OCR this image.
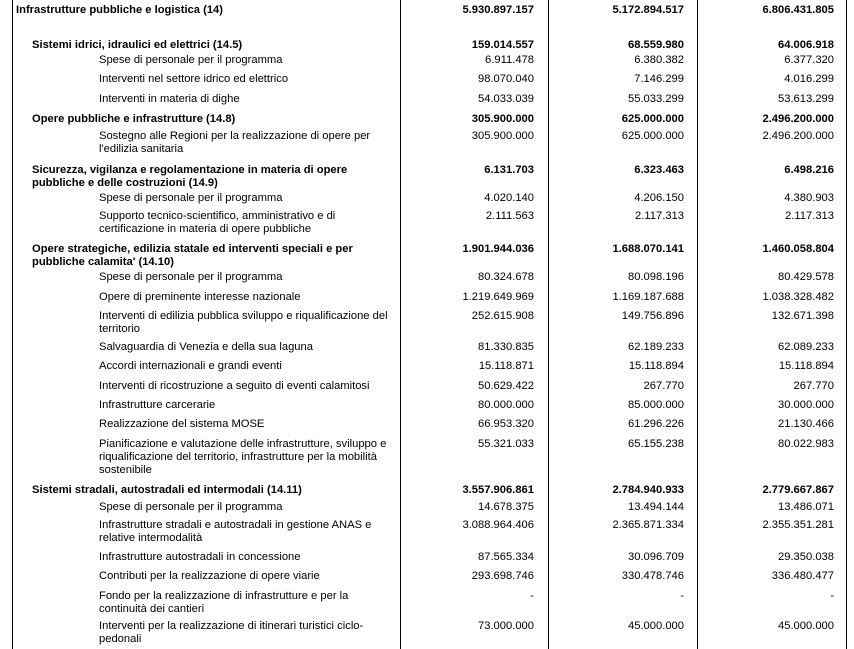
Infrastrutture pubbliche e logistica (14)	5.930.897.157	5.172.894.517	6.806.431.805
Sistemi idrici, idraulici ed elettrici (14.5)	159.014.557	68.559.980	64.006.918
Spese di personale per il programma	6.911.478	6.380.382	6.377.320
Interventi nel settore idrico ed elettrico	98.070.040	7.146.299	4.016.299
Interventi in materia di dighe	54.033.039	55.033.299	53.613.299
Opere pubbliche e infrastrutture (14.8)	305.900.000	625.000.000	2.496.200.000
Sostegno alle Regioni per la realizzazione di opere per l'edilizia sanitaria
305.900.000	625.000.000	2.496.200.000
Sicurezza, vigilanza e regolamentazione in materia di opere pubbliche e delle costruzioni (14.9)
6.131.703	6.323.463	6.498.216
Spese di personale per il programma	4.020.140	4.206.150	4.380.903
Supporto tecnico-scientifico, amministrativo e di certificazione in materia di opere pubbliche
2.111.563	2.117.313	2.117.313
Opere strategiche, edilizia statale ed interventi speciali e per pubbliche calamita' (14.10)
1.901.944.036	1.688.070.141	1.460.058.804
Spese di personale per il programma	80.324.678	80.098.196	80.429.578
Opere di preminente interesse nazionale	1.219.649.969	1.169.187.688	1.038.328.482
Interventi di edilizia pubblica sviluppo e riqualificazione del territorio
252.615.908	149.756.896	132.671.398
Salvaguardia di Venezia e della sua laguna	81.330.835	62.189.233	62.089.233
Accordi internazionali e grandi eventi	15.118.871	15.118.894	15.118.894
Interventi di ricostruzione a seguito di eventi calamitosi	50.629.422	267.770	267.770
Infrastrutture carcerarie	80.000.000	85.000.000	30.000.000
Realizzazione del sistema MOSE	66.953.320	61.296.226	21.130.466
Pianificazione e valutazione delle infrastrutture, sviluppo e riqualificazione del territorio, infrastrutture per la mobilità sostenibile
55.321.033	65.155.238	80.022.983
Sistemi stradali, autostradali ed intermodali (14.11)	3.557.906.861	2.784.940.933	2.779.667.867
Spese di personale per il programma	14.678.375	13.494.144	13.486.071
Infrastrutture stradali e autostradali in gestione ANAS e relative intermodalità
3.088.964.406	2.365.871.334	2.355.351.281
Infrastrutture autostradali in concessione	87.565.334	30.096.709	29.350.038
Contributi per la realizzazione di opere viarie	293.698.746	330.478.746	336.480.477
Fondo per la realizzazione di infrastrutture e per la continuità dei cantieri
-	-	-
Interventi per la realizzazione di itinerari turistici ciclo-pedonali
73.000.000	45.000.000	45.000.000
